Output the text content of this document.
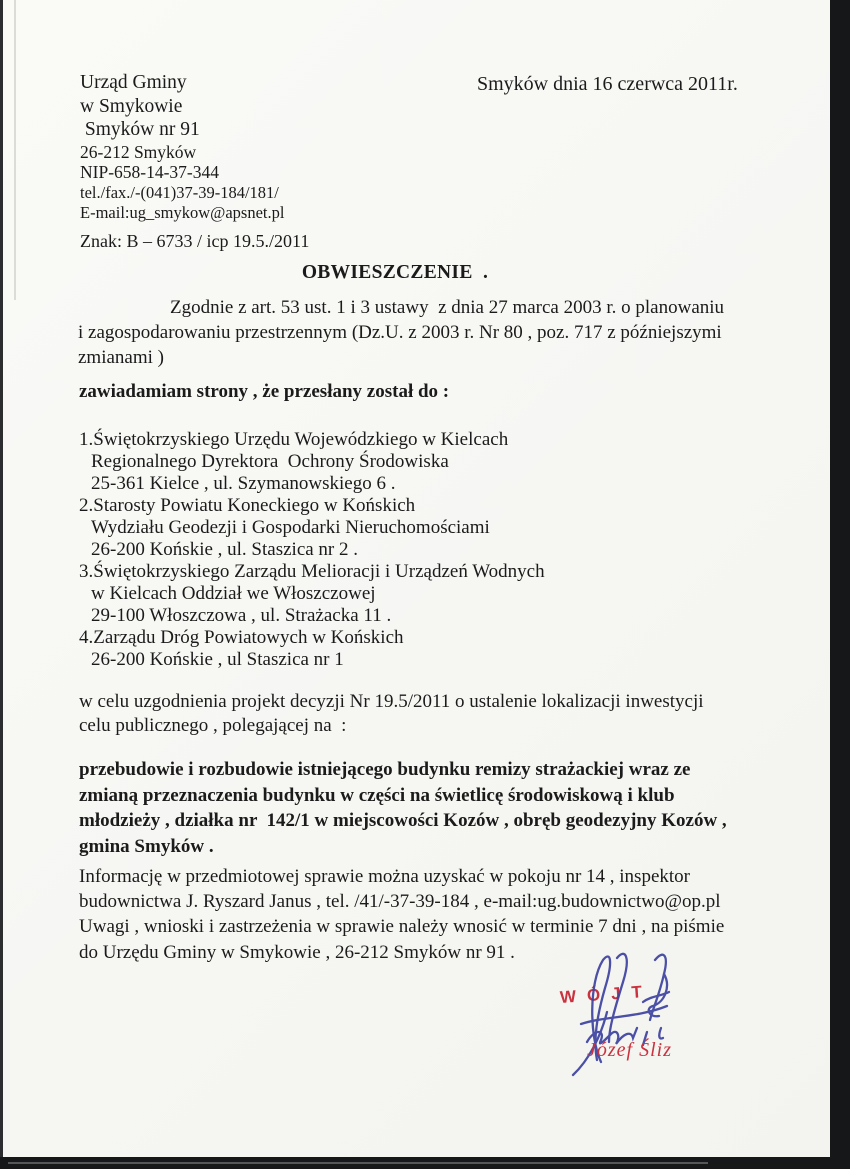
Urząd Gminy
w Smykowie
Smyków nr 91
26-212 Smyków
NIP-658-14-37-344
tel./fax./-(041)37-39-184/181/
E-mail:ug_smykow@apsnet.pl
Smyków dnia 16 czerwca 2011r.
Znak: B – 6733 / icp 19.5./2011
OBWIESZCZENIE  .
Zgodnie z art. 53 ust. 1 i 3 ustawy  z dnia 27 marca 2003 r. o planowaniu
i zagospodarowaniu przestrzennym (Dz.U. z 2003 r. Nr 80 , poz. 717 z późniejszymi
zmianami )
zawiadamiam strony , że przesłany został do :
1.Świętokrzyskiego Urzędu Wojewódzkiego w Kielcach
Regionalnego Dyrektora  Ochrony Środowiska
25-361 Kielce , ul. Szymanowskiego 6 .
2.Starosty Powiatu Koneckiego w Końskich
Wydziału Geodezji i Gospodarki Nieruchomościami
26-200 Końskie , ul. Staszica nr 2 .
3.Świętokrzyskiego Zarządu Melioracji i Urządzeń Wodnych
w Kielcach Oddział we Włoszczowej
29-100 Włoszczowa , ul. Strażacka 11 .
4.Zarządu Dróg Powiatowych w Końskich
26-200 Końskie , ul Staszica nr 1
w celu uzgodnienia projekt decyzji Nr 19.5/2011 o ustalenie lokalizacji inwestycji
celu publicznego , polegającej na  :
przebudowie i rozbudowie istniejącego budynku remizy strażackiej wraz ze
zmianą przeznaczenia budynku w części na świetlicę środowiskową i klub
młodzieży , działka nr  142/1 w miejscowości Kozów , obręb geodezyjny Kozów ,
gmina Smyków .
Informację w przedmiotowej sprawie można uzyskać w pokoju nr 14 , inspektor
budownictwa J. Ryszard Janus , tel. /41/-37-39-184 , e-mail:ug.budownictwo@op.pl
Uwagi , wnioski i zastrzeżenia w sprawie należy wnosić w terminie 7 dni , na piśmie
do Urzędu Gminy w Smykowie , 26-212 Smyków nr 91 .
WÓJT
Józef Śliz
